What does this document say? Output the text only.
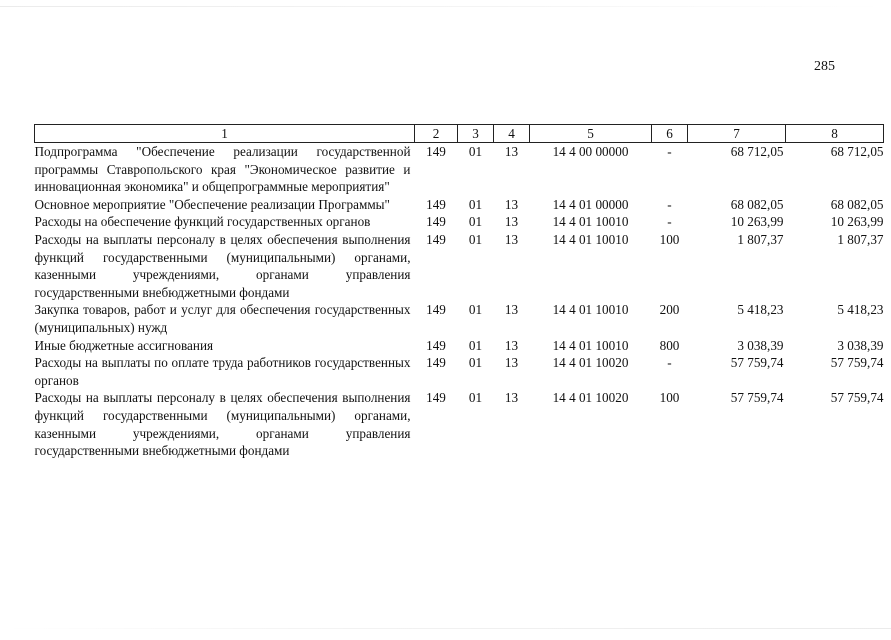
285
1	2	3	4	5	6	7	8
Подпрограмма "Обеспечение реализации государственной программы Ставропольского края "Экономическое развитие и инновационная экономика" и общепрограммные мероприятия"	149	01	13	14 4 00 00000	-	68 712,05	68 712,05
Основное мероприятие "Обеспечение реализации Программы"	149	01	13	14 4 01 00000	-	68 082,05	68 082,05
Расходы на обеспечение функций государственных органов	149	01	13	14 4 01 10010	-	10 263,99	10 263,99
Расходы на выплаты персоналу в целях обеспечения выполнения функций государственными (муниципальными) органами, казенными учреждениями, органами управления государственными внебюджетными фондами	149	01	13	14 4 01 10010	100	1 807,37	1 807,37
Закупка товаров, работ и услуг для обеспечения государственных (муниципальных) нужд	149	01	13	14 4 01 10010	200	5 418,23	5 418,23
Иные бюджетные ассигнования	149	01	13	14 4 01 10010	800	3 038,39	3 038,39
Расходы на выплаты по оплате труда работников государственных органов	149	01	13	14 4 01 10020	-	57 759,74	57 759,74
Расходы на выплаты персоналу в целях обеспечения выполнения функций государственными (муниципальными) органами, казенными учреждениями, органами управления государственными внебюджетными фондами	149	01	13	14 4 01 10020	100	57 759,74	57 759,74
